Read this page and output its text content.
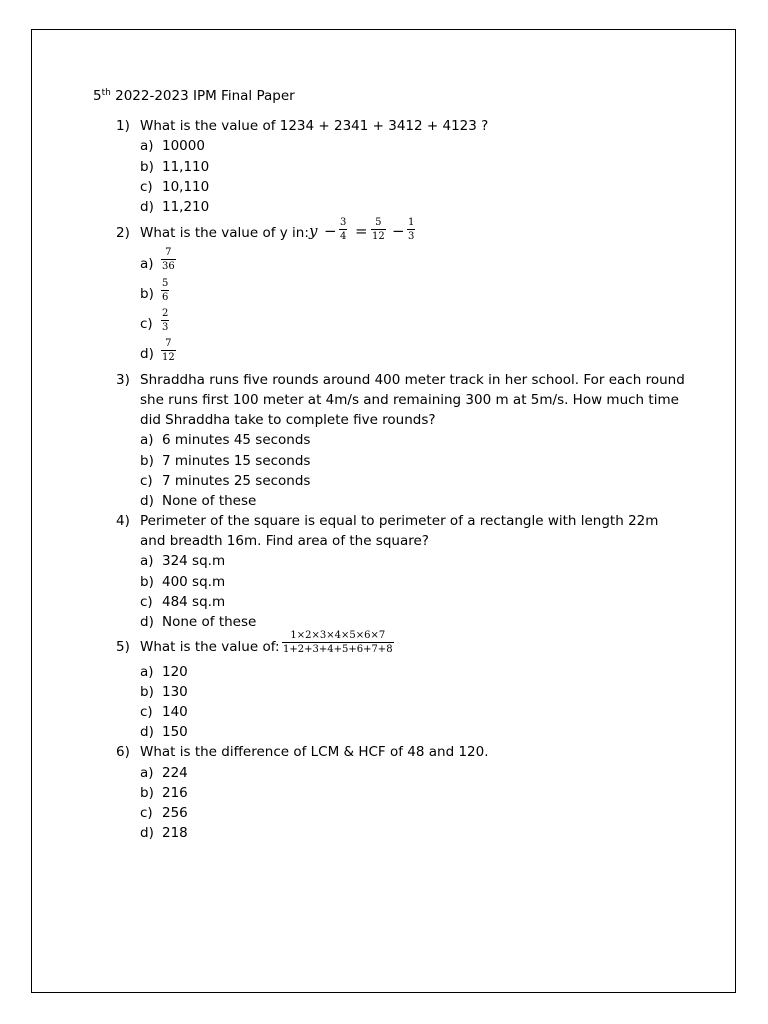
5th 2022-2023 IPM Final Paper
1) What is the value of 1234 + 2341 + 3412 + 4123 ?
a) 10000
b) 11,110
c) 10,110
d) 11,210
2) What is the value of y in: y − 3
4 = 5
12 − 1
3
a)
7
36
b)
5
6
c)
2
3
d)
7
12
3) Shraddha runs five rounds around 400 meter track in her school. For each round
she runs first 100 meter at 4m/s and remaining 300 m at 5m/s. How much time
did Shraddha take to complete five rounds?
a) 6 minutes 45 seconds
b) 7 minutes 15 seconds
c) 7 minutes 25 seconds
d) None of these
4) Perimeter of the square is equal to perimeter of a rectangle with length 22m
and breadth 16m. Find area of the square?
a) 324 sq.m
b) 400 sq.m
c) 484 sq.m
d) None of these
5) What is the value of:
1×2×3×4×5×6×7
1+2+3+4+5+6+7+8
a) 120
b) 130
c) 140
d) 150
6) What is the difference of LCM & HCF of 48 and 120.
a) 224
b) 216
c) 256
d) 218
